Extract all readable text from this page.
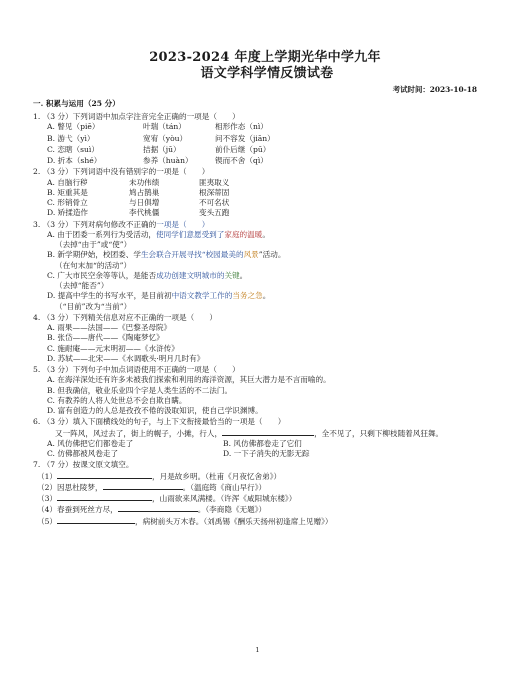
2023-2024 年度上学期光华中学九年
语文学科学情反馈试卷
考试时间：2023-10-18
一. 积累与运用（25 分）
1. （3 分）下列词语中加点字注音完全正确的一项是（　　）
A. 瞥见（piē）	叶瑞（tán）	相形作态（nì）
B. 游弋（yì）	宽宥（yòu）	问不容发（jiān）
C. 恋瞎（suì）	拮据（jū）	前仆后继（pū）
D. 折本（shé）	参养（huàn）	锲而不舍（qì）
2. （3 分）下列词语中没有错别字的一项是（　　）
A. 自脑行秽	未功伟绩	匪夷取义
B. 矩重其是	鸠占鹊巢	根深蒂固
C. 形销骨立	与日俱增	不可名状
D. 矫揉造作	李代桃僵	变头五跑
3. （3 分）下列对病句修改不正确的一项是（　　）
A. 由于团委一系列行为受活动，使同学们意愿受到了家庭的温暖。
（去掉“由于”或“使”）
B. 新学期伊始，校团委、学生会联合开展寻找“校园最美的风景”活动。
（在句末加“的活动”）
C. 广大市民空余等等认，是能否成功创建文明城市的关键。
（去掉“能否”）
D. 提高中学生的书写水平，是目前初中语文教学工作的当务之急。
（“目前”改为“当前”）
4. （3 分）下列精关信息对应不正确的一项是（　　）
A. 雨果——法国——《巴黎圣母院》
B. 张岱——唐代——《陶庵梦忆》
C. 施耐庵——元末明初——《水浒传》
D. 苏轼——北宋——《水调歌头·明月几时有》
5. （3 分）下列句子中加点词语使用不正确的一项是（　　）
A. 在海洋深处还有许多未被我们探索和利用的海洋资源，其巨大潜力是不言而喻的。
B. 但我确信，敬业乐业四个字是人类生活的不二法门。
C. 有教养的人将人处世总不会自欺自瞒。
D. 富有创造力的人总是孜孜不倦的汲取知识，使自己学识渊博。
6. （3 分）填入下面横线处的句子，与上下文衔接最恰当的一项是（　　）
又一阵风，风过去了，街上的幌子，小摊，行人，	，全不见了，只剩下柳枝随着风狂舞。
A. 风仿佛把它们都卷走了	B. 风仿佛都卷走了它们
C. 仿佛都被风卷走了	D. 一下子消失的无影无踪
7. （7 分）按课文原文填空。
（1）	，月是故乡明。（杜甫《月夜忆舍弟》）
（2）因思杜陵梦，	。（温庭筠《商山早行》）
（3）	，山雨欲来风满楼。（许浑《咸阳城东楼》）
（4）春蚕到死丝方尽，	。（李商隐《无题》）
（5）	，病树前头万木春。（刘禹锡《酬乐天扬州初逢席上见赠》）
1
